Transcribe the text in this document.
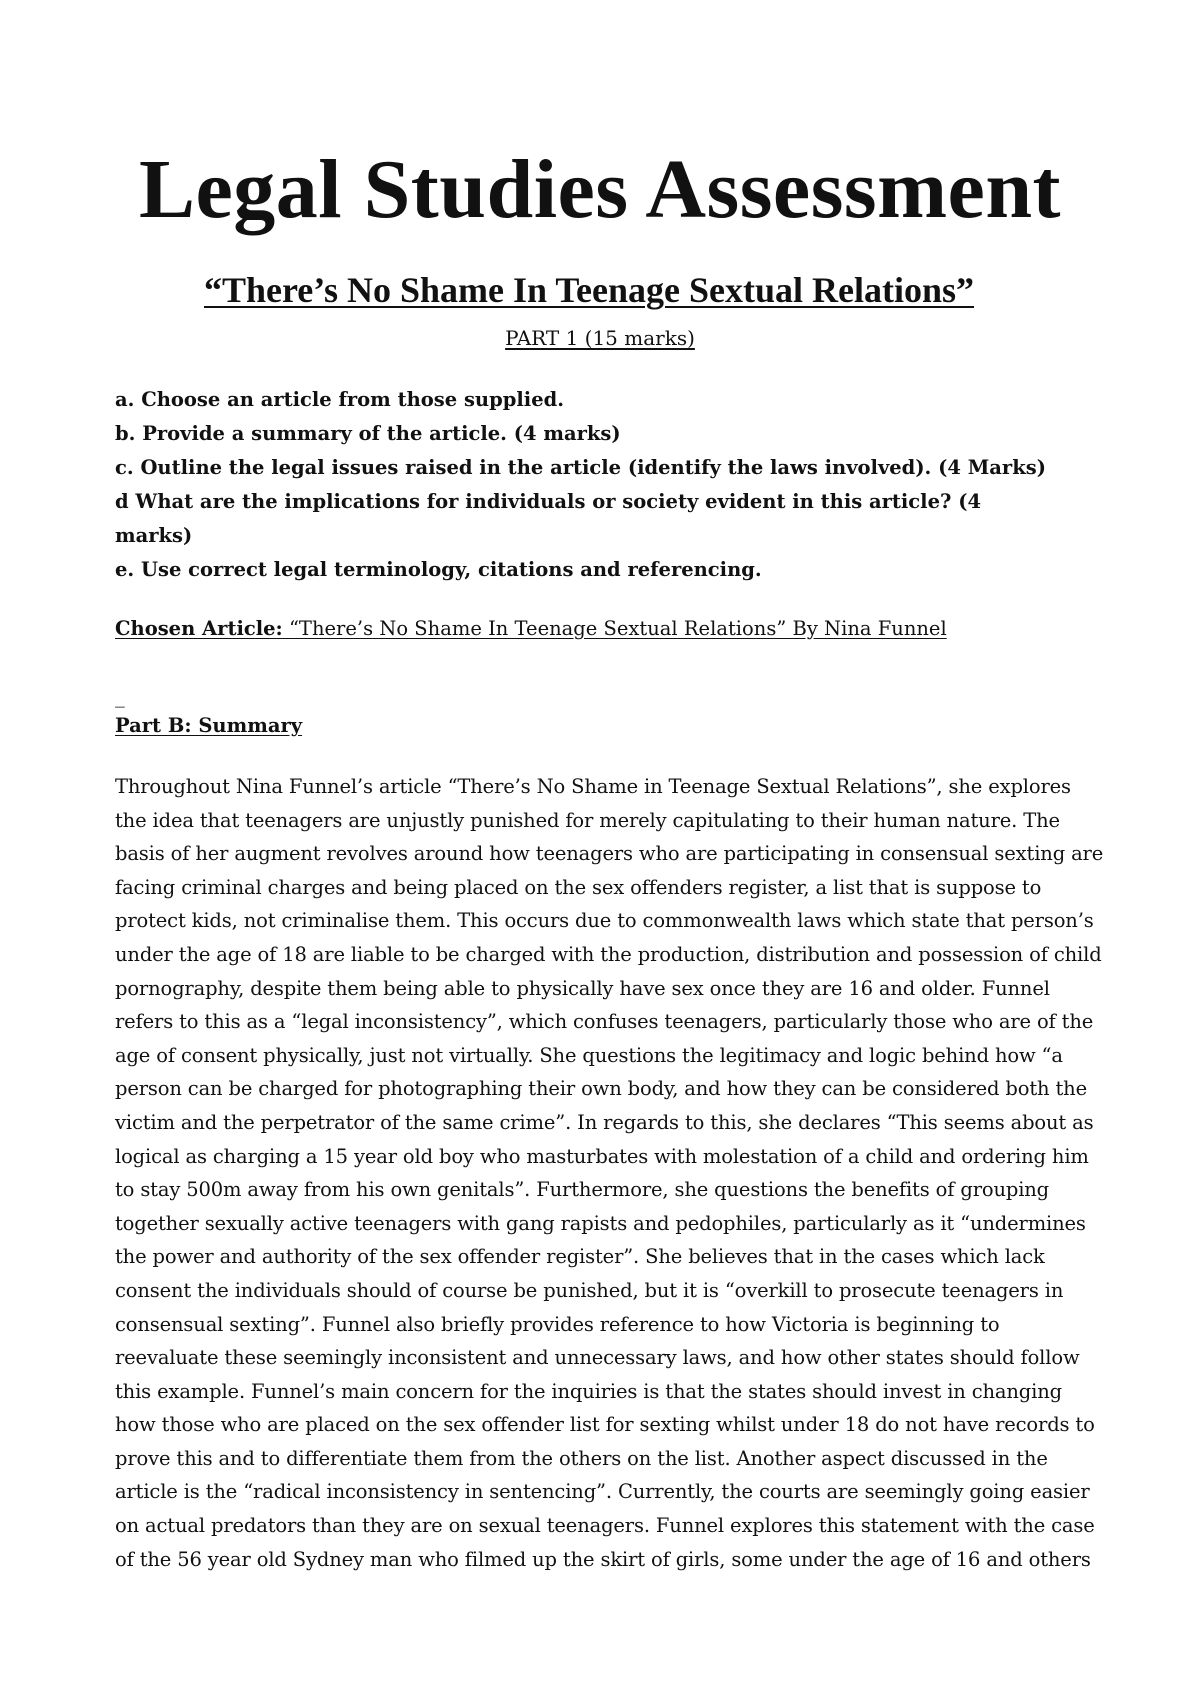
Legal Studies Assessment
“There’s No Shame In Teenage Sextual Relations”

PART 1 (15 marks)

a. Choose an article from those supplied.
b. Provide a summary of the article. (4 marks)
c. Outline the legal issues raised in the article (identify the laws involved). (4 Marks)
d What are the implications for individuals or society evident in this article? (4
marks)
e. Use correct legal terminology, citations and referencing.

Chosen Article: “There’s No Shame In Teenage Sextual Relations” By Nina Funnel

_

Part B: Summary

Throughout Nina Funnel’s article “There’s No Shame in Teenage Sextual Relations”, she explores
the idea that teenagers are unjustly punished for merely capitulating to their human nature. The
basis of her augment revolves around how teenagers who are participating in consensual sexting are
facing criminal charges and being placed on the sex offenders register, a list that is suppose to
protect kids, not criminalise them. This occurs due to commonwealth laws which state that person’s
under the age of 18 are liable to be charged with the production, distribution and possession of child
pornography, despite them being able to physically have sex once they are 16 and older. Funnel
refers to this as a “legal inconsistency”, which confuses teenagers, particularly those who are of the
age of consent physically, just not virtually. She questions the legitimacy and logic behind how “a
person can be charged for photographing their own body, and how they can be considered both the
victim and the perpetrator of the same crime”. In regards to this, she declares “This seems about as
logical as charging a 15 year old boy who masturbates with molestation of a child and ordering him
to stay 500m away from his own genitals”. Furthermore, she questions the benefits of grouping
together sexually active teenagers with gang rapists and pedophiles, particularly as it “undermines
the power and authority of the sex offender register”. She believes that in the cases which lack
consent the individuals should of course be punished, but it is “overkill to prosecute teenagers in
consensual sexting”. Funnel also briefly provides reference to how Victoria is beginning to
reevaluate these seemingly inconsistent and unnecessary laws, and how other states should follow
this example. Funnel’s main concern for the inquiries is that the states should invest in changing
how those who are placed on the sex offender list for sexting whilst under 18 do not have records to
prove this and to differentiate them from the others on the list. Another aspect discussed in the
article is the “radical inconsistency in sentencing”. Currently, the courts are seemingly going easier
on actual predators than they are on sexual teenagers. Funnel explores this statement with the case
of the 56 year old Sydney man who filmed up the skirt of girls, some under the age of 16 and others
